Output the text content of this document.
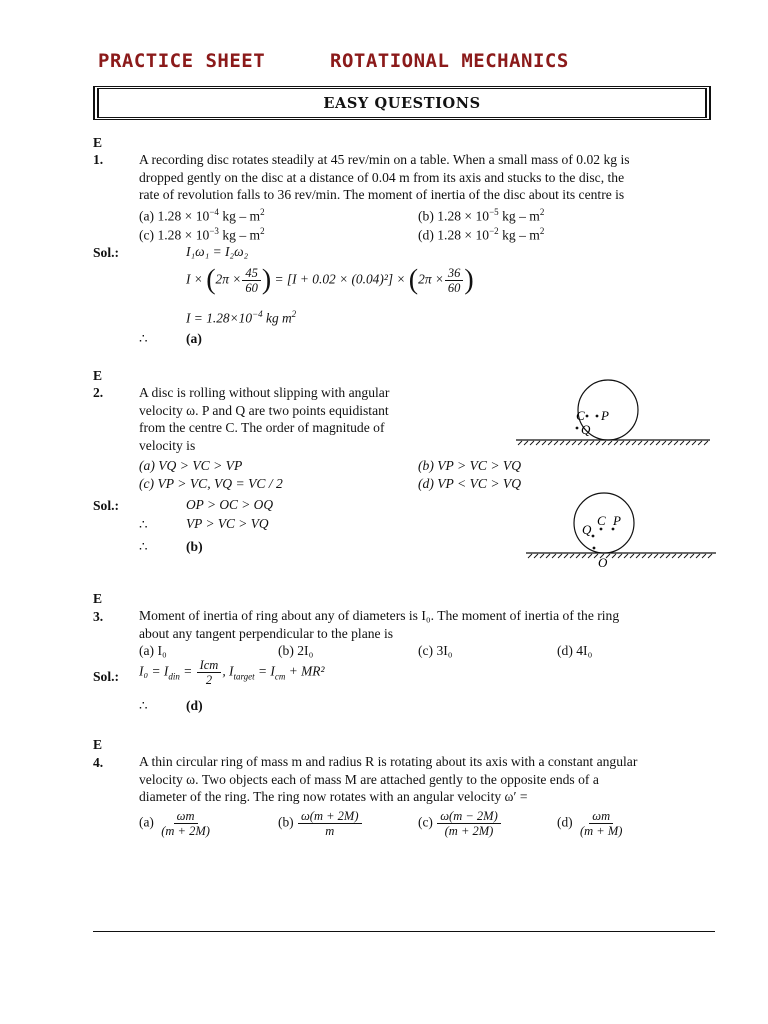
PRACTICE SHEET	ROTATIONAL MECHANICS
EASY QUESTIONS
E
1.	A recording disc rotates steadily at 45 rev/min on a table. When a small mass of 0.02 kg is
dropped gently on the disc at a distance of 0.04 m from its axis and stucks to the disc, the
rate of revolution falls to 36 rev/min. The moment of inertia of the disc about its centre is
(a) $1.28 \times 10^{-4}$ kg – $m^2$	(b) $1.28 \times 10^{-5}$ kg – $m^2$
(c) $1.28 \times 10^{-3}$ kg – $m^2$	(d) $1.28 \times 10^{-2}$ kg – $m^2$
Sol.:	I₁ω₁ = I₂ω₂
$I \times (2\pi \times \frac{45}{60}$ ) = $[I + 0.02 \times (0.04)^2] \times (2\pi \times \frac{36}{60}$ )
$I = 1.28\times 10^{-4}$ kg $m^2$
∴	(a)
E
2.	A disc is rolling without slipping with angular
velocity ω. P and Q are two points equidistant
from the centre C. The order of magnitude of
velocity is
C P
Q
(a) VQ > VC > VP	(b) VP > VC > VQ
(c) VP > VC, VQ = VC / 2	(d) VP < VC > VQ
Sol.:	OP > OC > OQ
∴	VP > VC > VQ
∴	(b)
C P
Q
O
E
3.	Moment of inertia of ring about any of diameters is I₀. The moment of inertia of the ring
about any tangent perpendicular to the plane is
(a) I₀	(b) 2I₀	(c) 3I₀	(d) 4I₀
Sol.: $I_0 = I_{din} = \frac{\text{Icm}}{2}$ , $I_{target} = I_{cm} + MR^2$
∴	(d)
E
4.	A thin circular ring of mass m and radius R is rotating about its axis with a constant angular
velocity ω. Two objects each of mass M are attached gently to the opposite ends of a
diameter of the ring. The ring now rotates with an angular velocity ω′ =
$(a) \frac{\omega m}{(m + 2M)}$	$(b) \frac{\omega(m + 2M)}{m}$	$(c) \frac{\omega(m - 2M)}{(m + 2M)}$	$(d) \frac{\omega m}{(m + M)}$
